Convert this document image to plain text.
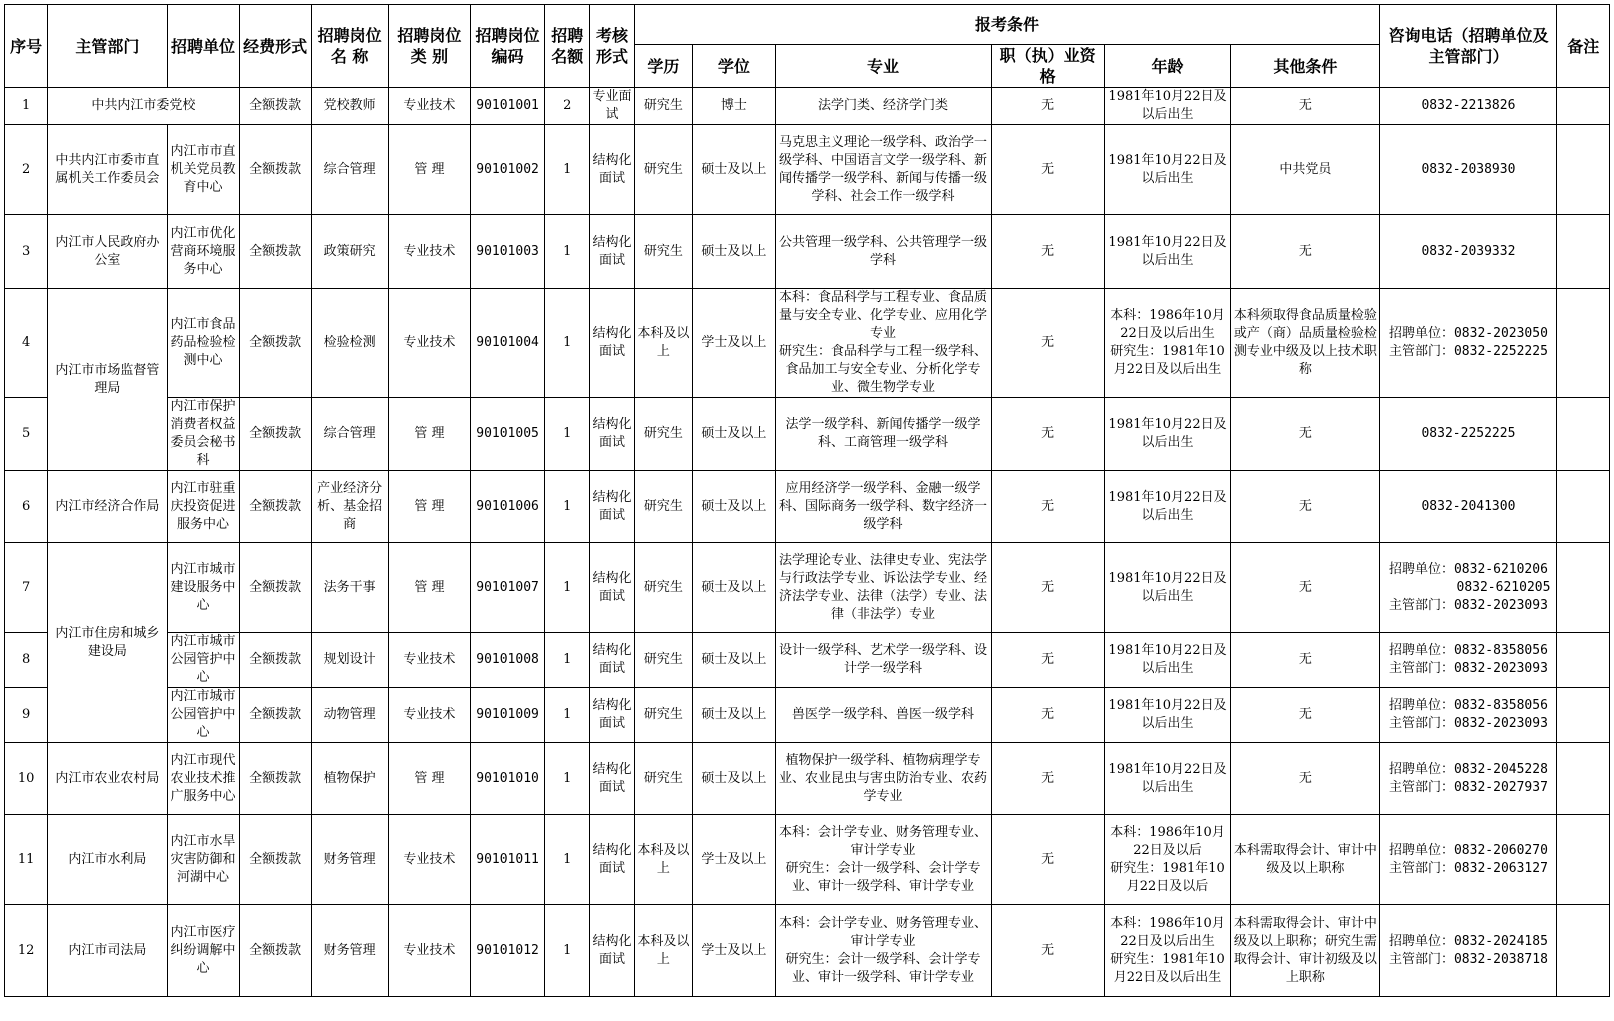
序号	主管部门	招聘单位	经费形式	招聘岗位名 称	招聘岗位类 别	招聘岗位编码	招聘名额	考核形式	报考条件						咨询电话（招聘单位及主管部门）	备注
									学历	学位	专业	职（执）业资格	年龄	其他条件		
1	中共内江市委党校		全额拨款	党校教师	专业技术	90101001	2	专业面试	研究生	博士	法学门类、经济学门类	无	1981年10月22日及以后出生	无	0832-2213826	

2	中共内江市委市直属机关工作委员会	内江市市直机关党员教育中心	全额拨款	综合管理	管 理	90101002	1	结构化面试	研究生	硕士及以上	马克思主义理论一级学科、政治学一级学科、中国语言文学一级学科、新闻传播学一级学科、新闻与传播一级学科、社会工作一级学科	无	1981年10月22日及以后出生	中共党员	0832-2038930	

3	内江市人民政府办公室	内江市优化营商环境服务中心	全额拨款	政策研究	专业技术	90101003	1	结构化面试	研究生	硕士及以上	公共管理一级学科、公共管理学一级学科	无	1981年10月22日及以后出生	无	0832-2039332	

4	内江市市场监督管理局	内江市食品药品检验检测中心	全额拨款	检验检测	专业技术	90101004	1	结构化面试	本科及以上	学士及以上	本科：食品科学与工程专业、食品质量与安全专业、化学专业、应用化学专业
研究生：食品科学与工程一级学科、食品加工与安全专业、分析化学专业、微生物学专业	无	本科：1986年10月22日及以后出生
研究生：1981年10月22日及以后出生	本科须取得食品质量检验或产（商）品质量检验检测专业中级及以上技术职称	招聘单位：0832-2023050
主管部门：0832-2252225	

5		内江市保护消费者权益委员会秘书科	全额拨款	综合管理	管 理	90101005	1	结构化面试	研究生	硕士及以上	法学一级学科、新闻传播学一级学科、工商管理一级学科	无	1981年10月22日及以后出生	无	0832-2252225	

6	内江市经济合作局	内江市驻重庆投资促进服务中心	全额拨款	产业经济分析、基金招商	管 理	90101006	1	结构化面试	研究生	硕士及以上	应用经济学一级学科、金融一级学科、国际商务一级学科、数字经济一级学科	无	1981年10月22日及以后出生	无	0832-2041300	

7	内江市住房和城乡建设局	内江市城市建设服务中心	全额拨款	法务干事	管 理	90101007	1	结构化面试	研究生	硕士及以上	法学理论专业、法律史专业、宪法学与行政法学专业、诉讼法学专业、经济法学专业、法律（法学）专业、法律（非法学）专业	无	1981年10月22日及以后出生	无	招聘单位：0832-6210206
0832-6210205
主管部门：0832-2023093	

8		内江市城市公园管护中心	全额拨款	规划设计	专业技术	90101008	1	结构化面试	研究生	硕士及以上	设计一级学科、艺术学一级学科、设计学一级学科	无	1981年10月22日及以后出生	无	招聘单位：0832-8358056
主管部门：0832-2023093	

9		内江市城市公园管护中心	全额拨款	动物管理	专业技术	90101009	1	结构化面试	研究生	硕士及以上	兽医学一级学科、兽医一级学科	无	1981年10月22日及以后出生	无	招聘单位：0832-8358056
主管部门：0832-2023093	

10	内江市农业农村局	内江市现代农业技术推广服务中心	全额拨款	植物保护	管 理	90101010	1	结构化面试	研究生	硕士及以上	植物保护一级学科、植物病理学专业、农业昆虫与害虫防治专业、农药学专业	无	1981年10月22日及以后出生	无	招聘单位：0832-2045228
主管部门：0832-2027937	

11	内江市水利局	内江市水旱灾害防御和河湖中心	全额拨款	财务管理	专业技术	90101011	1	结构化面试	本科及以上	学士及以上	本科：会计学专业、财务管理专业、审计学专业
研究生：会计一级学科、会计学专业、审计一级学科、审计学专业	无	本科：1986年10月22日及以后
研究生：1981年10月22日及以后	本科需取得会计、审计中级及以上职称	招聘单位：0832-2060270
主管部门：0832-2063127	

12	内江市司法局	内江市医疗纠纷调解中心	全额拨款	财务管理	专业技术	90101012	1	结构化面试	本科及以上	学士及以上	本科：会计学专业、财务管理专业、审计学专业
研究生：会计一级学科、会计学专业、审计一级学科、审计学专业	无	本科：1986年10月22日及以后出生
研究生：1981年10月22日及以后出生	本科需取得会计、审计中级及以上职称；研究生需取得会计、审计初级及以上职称	招聘单位：0832-2024185
主管部门：0832-2038718	
